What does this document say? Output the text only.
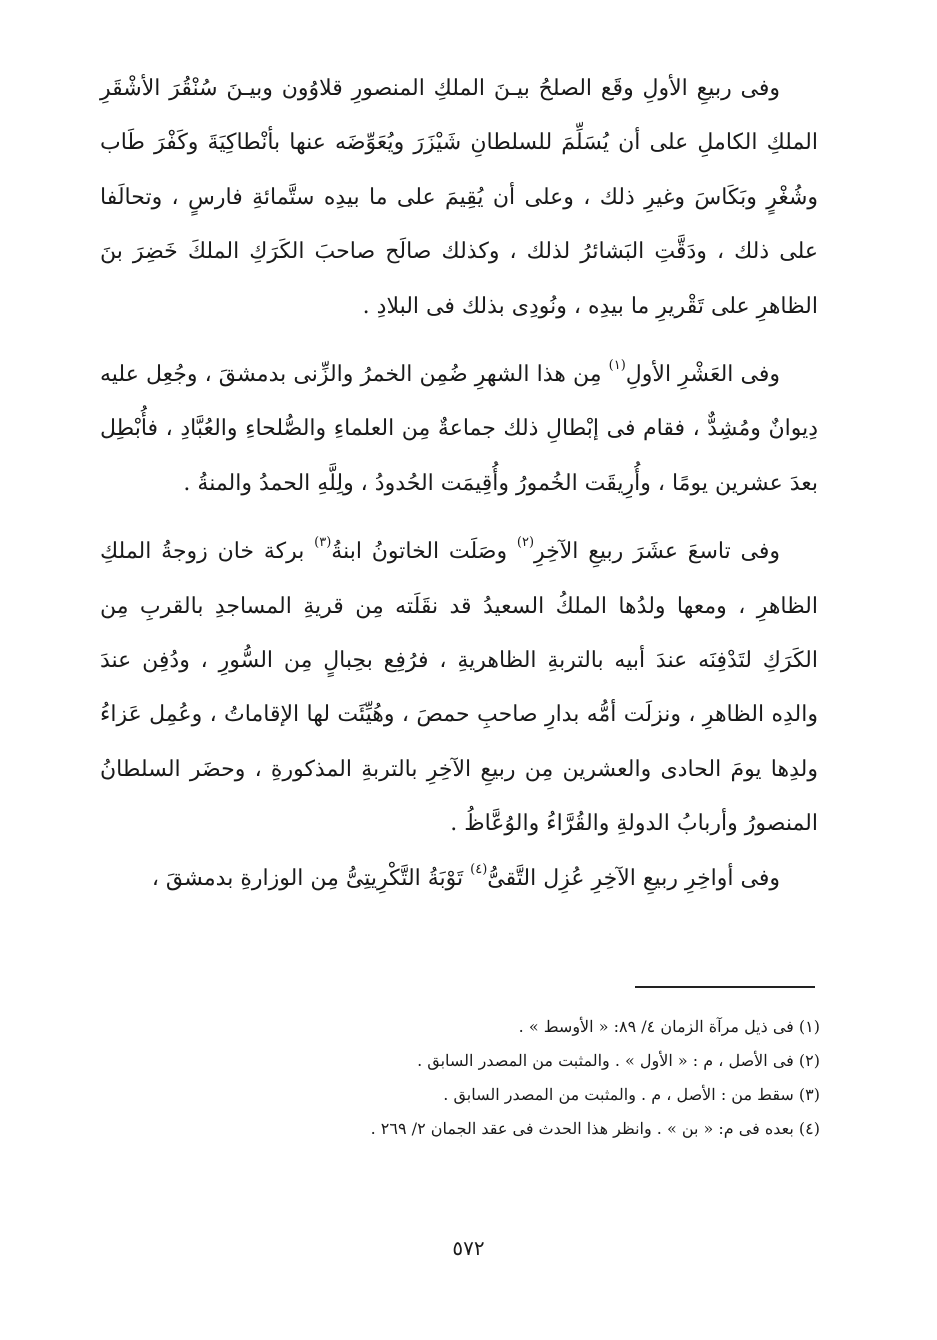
وفى ربيعِ الأولِ وقَع الصلحُ بيـنَ الملكِ المنصورِ قلاوُون وبيـنَ سُنْقُرَ الأشْقَرِ الملكِ الكاملِ على أن يُسَلِّمَ للسلطانِ شَيْزَرَ ويُعَوِّضَه عنها بأنْطاكِيَةَ وكَفْرَ طَاب وشُغْرٍ وبَكَاسَ وغيرِ ذلك ، وعلى أن يُقِيمَ على ما بيدِه ستَّمائةِ فارسٍ ، وتحالَفا على ذلك ، ودَقَّتِ البَشائرُ لذلك ، وكذلك صالَح صاحبَ الكَرَكِ الملكَ خَضِرَ بنَ الظاهرِ على تَقْريرِ ما بيدِه ، ونُودِى بذلك فى البلادِ .

وفى العَشْرِ الأولِ$^{(١)}$ مِن هذا الشهرِ ضُمِن الخمرُ والزِّنى بدمشقَ ، وجُعِل عليه دِيوانٌ ومُشِدٌّ ، فقام فى إبْطالِ ذلك جماعةٌ مِن العلماءِ والصُّلحاءِ والعُبَّادِ ، فأُبْطِل بعدَ عشرين يومًا ، وأُرِيقَت الخُمورُ وأُقِيمَت الحُدودُ ، ولِلَّهِ الحمدُ والمنةُ .

وفى تاسعَ عشَرَ ربيعِ الآخِرِ$^{(٢)}$ وصَلَت الخاتونُ ابنةُ$^{(٣)}$ بركة خان زوجةُ الملكِ الظاهرِ ، ومعها ولدُها الملكُ السعيدُ قد نقَلَته مِن قريةِ المساجدِ بالقربِ مِن الكَرَكِ لتَدْفِنَه عندَ أبيه بالتربةِ الظاهريةِ ، فرُفِع بحِبالٍ مِن السُّورِ ، ودُفِن عندَ والدِه الظاهرِ ، ونزلَت أمُّه بدارِ صاحبِ حمصَ ، وهُيِّئَت لها الإقاماتُ ، وعُمِل عَزاءُ ولدِها يومَ الحادى والعشرين مِن ربيعِ الآخِرِ بالتربةِ المذكورةِ ، وحضَر السلطانُ المنصورُ وأربابُ الدولةِ والقُرَّاءُ والوُعَّاظُ .

وفى أواخِرِ ربيعِ الآخِرِ عُزِل التَّقىُّ$^{(٤)}$ تَوْبَةُ التَّكْرِيتِىُّ مِن الوزارةِ بدمشقَ ،

(١) فى ذيل مرآة الزمان ٤/ ٨٩: « الأوسط » .

(٢) فى الأصل ، م : « الأول » . والمثبت من المصدر السابق .

(٣) سقط من : الأصل ، م . والمثبت من المصدر السابق .

(٤) بعده فى م: « بن » . وانظر هذا الحدث فى عقد الجمان ٢/ ٢٦٩ .

٥٧٢
